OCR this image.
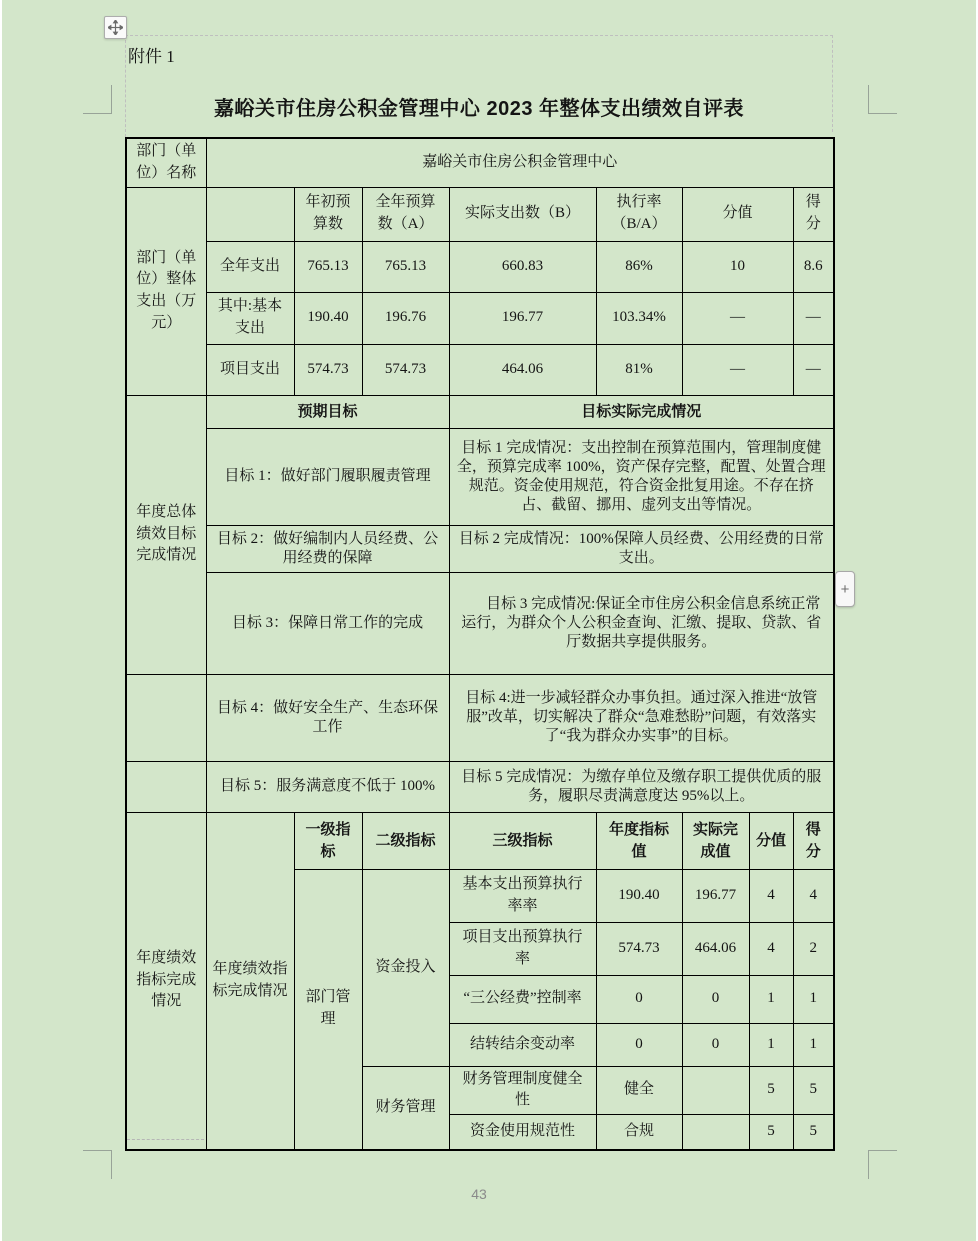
附件 1
嘉峪关市住房公积金管理中心 2023 年整体支出绩效自评表
部门（单位）名称	嘉峪关市住房公积金管理中心							
部门（单位）整体支出（万元）		年初预算数	全年预算数（A）	实际支出数（B）	执行率（B/A）	分值		得分
	全年支出	765.13	765.13	660.83	86%	10		8.6
	其中:基本支出	190.40	196.76	196.77	103.34%	—		—
	项目支出	574.73	574.73	464.06	81%	—		—
年度总体绩效目标完成情况	预期目标			目标实际完成情况				
	目标 1：做好部门履职履责管理			目标 1 完成情况：支出控制在预算范围内，管理制度健全，预算完成率 100%，资产保存完整，配置、处置合理规范。资金使用规范，符合资金批复用途。不存在挤占、截留、挪用、虚列支出等情况。				
	目标 2：做好编制内人员经费、公用经费的保障			目标 2 完成情况：100%保障人员经费、公用经费的日常支出。				
	目标 3：保障日常工作的完成			目标 3 完成情况:保证全市住房公积金信息系统正常运行，为群众个人公积金查询、汇缴、提取、贷款、省厅数据共享提供服务。				
	目标 4：做好安全生产、生态环保工作			目标 4:进一步减轻群众办事负担。通过深入推进“放管服”改革，切实解决了群众“急难愁盼”问题，有效落实了“我为群众办实事”的目标。				
	目标 5：服务满意度不低于 100%			目标 5 完成情况：为缴存单位及缴存职工提供优质的服务，履职尽责满意度达 95%以上。				
年度绩效指标完成情况	年度绩效指标完成情况	一级指标	二级指标	三级指标	年度指标值	实际完成值	分值	得分
		部门管理	资金投入	基本支出预算执行率率	190.40	196.77	4	4
				项目支出预算执行率	574.73	464.06	4	2
				“三公经费”控制率	0	0	1	1
				结转结余变动率	0	0	1	1
			财务管理	财务管理制度健全性	健全		5	5
				资金使用规范性	合规		5	5
+
43
